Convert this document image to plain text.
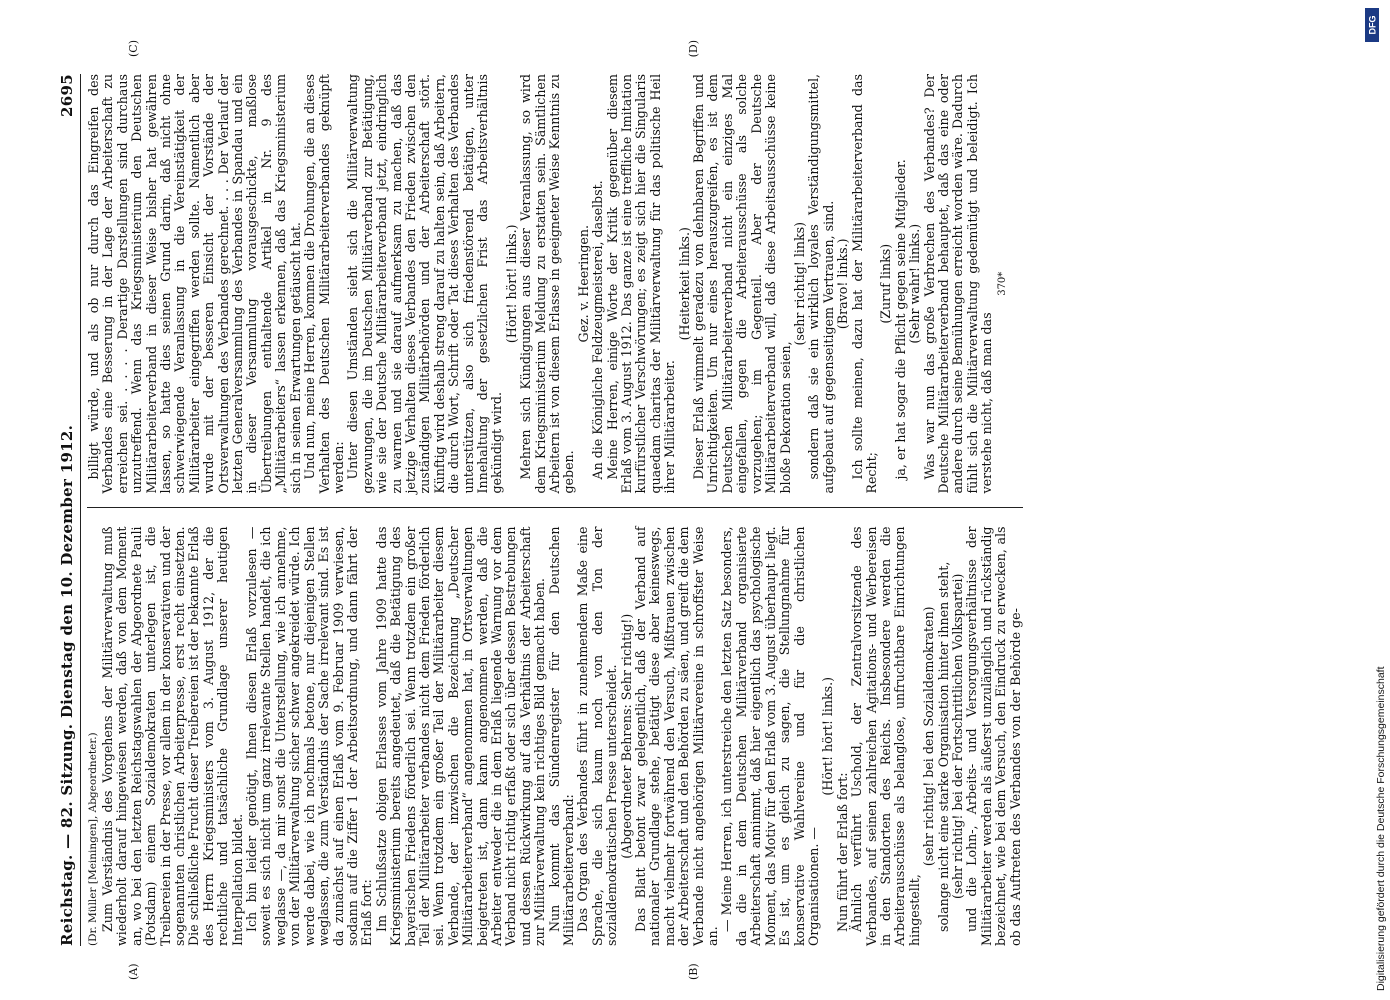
Reichstag. — 82. Sitzung. Dienstag den 10. Dezember 1912.
2695
(Dr. Müller [Meiningen], Abgeordneter.)
(A)	(B)

Zum Verständnis des Vorgehens der Militärverwaltung muß wiederholt darauf hingewiesen werden, daß von dem Moment an, wo bei den letzten Reichstagswahlen der Abgeordnete Pauli (Potsdam) einem Sozialdemokraten unterlegen ist, die Treibereien in der Presse, vor allem in der konservativen und der sogenannten christlichen Arbeiterpresse, erst recht einsetzten. Die schließliche Frucht dieser Treibereien ist der bekannte Erlaß des Herrn Kriegsministers vom 3. August 1912, der die rechtliche und tatsächliche Grundlage unserer heutigen Interpellation bildet. Ich bin leider genötigt, Ihnen diesen Erlaß vorzulesen — soweit es sich nicht um ganz irrelevante Stellen handelt, die ich weglasse —, da mir sonst die Unterstellung, wie ich annehme, von der Militärverwaltung sicher schwer angekreidet würde. Ich werde dabei, wie ich nochmals betone, nur diejenigen Stellen weglassen, die zum Verständnis der Sache irrelevant sind. Es ist da zunächst auf einen Erlaß vom 9. Februar 1909 verwiesen, sodann auf die Ziffer 1 der Arbeitsordnung, und dann fährt der Erlaß fort: Im Schlußsatze obigen Erlasses vom Jahre 1909 hatte das Kriegsministerium bereits angedeutet, daß die Betätigung des bayerischen Friedens förderlich sei. Wenn trotzdem ein großer Teil der Militärarbeiter verbandes nicht dem Frieden förderlich sei. Wenn trotzdem ein großer Teil der Militärarbeiter diesem Verbande, der inzwischen die Bezeichnung „Deutscher Militärarbeiterverband“ angenommen hat, in Ortsverwaltungen beigetreten ist, dann kann angenommen werden, daß die Arbeiter entweder die in dem Erlaß liegende Warnung vor dem Verband nicht richtig erfaßt oder sich über dessen Bestrebungen und dessen Rückwirkung auf das Verhältnis der Arbeiterschaft zur Militärverwaltung kein richtiges Bild gemacht haben. Nun kommt das Sündenregister für den Deutschen Militärarbeiterverband: Das Organ des Verbandes führt in zunehmendem Maße eine Sprache, die sich kaum noch von den Ton der sozialdemokratischen Presse unterscheidet. (Abgeordneter Behrens: Sehr richtig!) Das Blatt betont zwar gelegentlich, daß der Verband auf nationaler Grundlage stehe, betätigt diese aber keineswegs, macht vielmehr fortwährend den Versuch, Mißtrauen zwischen der Arbeiterschaft und den Behörden zu säen, und greift die dem Verbande nicht angehörigen Militärvereine in schroffster Weise an.

— Meine Herren, ich unterstreiche den letzten Satz besonders, da die in dem Deutschen Militärverband organisierte Arbeiterschaft annimmt, daß hier eigentlich das psychologische Moment, das Motiv für den Erlaß vom 3. August überhaupt liegt. Es ist, um es gleich zu sagen, die Stellungnahme für konservative Wahlvereine und für die christlichen Organisationen. —

(Hört! hört! links.)

Nun führt der Erlaß fort: Ähnlich verführt Uschold, der Zentralvorsitzende des Verbandes, auf seinen zahlreichen Agitations- und Werbereisen in den Standorten des Reichs. Insbesondere werden die Arbeiterausschüsse als belanglose, unfruchtbare Einrichtungen hingestellt,

(sehr richtig! bei den Sozialdemokraten) solange nicht eine starke Organisation hinter ihnen steht, (sehr richtig! bei der Fortschrittlichen Volkspartei) und die Lohn-, Arbeits- und Versorgungsverhältnisse der Militärarbeiter werden als äußerst unzulänglich und rückständig bezeichnet, wie bei dem Versuch, den Eindruck zu erwecken, als ob das Auftreten des Verbandes von der Behörde ge-

(C)	(D)

billigt würde, und als ob nur durch das Eingreifen des Verbandes eine Besserung in der Lage der Arbeiterschaft zu erreichen sei. . . . . Derartige Darstellungen sind durchaus unzutreffend. Wenn das Kriegsministerium den Deutschen Militärarbeiterverband in dieser Weise bisher hat gewähren lassen, so hatte dies seinen Grund darin, daß nicht ohne schwerwiegende Veranlassung in die Vereinstätigkeit der Militärarbeiter eingegriffen werden sollte. Namentlich aber wurde mit der besseren Einsicht der Vorstände der Ortsverwaltungen des Verbandes gerechnet. . . . Der Verlauf der letzten Generalversammlung des Verbandes in Spandau und ein in dieser Versammlung vorausgeschickte, maßlose Übertreibungen enthaltende Artikel in Nr. 9 des „Militärarbeiters“ lassen erkennen, daß das Kriegsministerium sich in seinen Erwartungen getäuscht hat. Und nun, meine Herren, kommen die Drohungen, die an dieses Verhalten des Deutschen Militärarbeiterverbandes geknüpft werden: Unter diesen Umständen sieht sich die Militärverwaltung gezwungen, die im Deutschen Militärverband zur Betätigung, wie sie der Deutsche Militärarbeiterverband jetzt, eindringlich zu warnen und sie darauf aufmerksam zu machen, daß das jetzige Verhalten dieses Verbandes den Frieden zwischen den zuständigen Militärbehörden und der Arbeiterschaft stört. Künftig wird deshalb streng darauf zu halten sein, daß Arbeitern, die durch Wort, Schrift oder Tat dieses Verhalten des Verbandes unterstützen, also sich friedenstörend betätigen, unter Innehaltung der gesetzlichen Frist das Arbeitsverhältnis gekündigt wird.

(Hört! hört! links.) Mehren sich Kündigungen aus dieser Veranlassung, so wird dem Kriegsministerium Meldung zu erstatten sein. Sämtlichen Arbeitern ist von diesem Erlasse in geeigneter Weise Kenntnis zu geben.

Gez. v. Heeringen. An die Königliche Feldzeugmeisterei, daselbst. Meine Herren, einige Worte der Kritik gegenüber diesem Erlaß vom 3. August 1912. Das ganze ist eine treffliche Imitation kurfürstlicher Verschwörungen; es zeigt sich hier die Singularis quaedam charitas der Militärverwaltung für das politische Heil ihrer Militärarbeiter.

(Heiterkeit links.) Dieser Erlaß wimmelt geradezu von dehnbaren Begriffen und Unrichtigkeiten. Um nur eines herauszugreifen, es ist dem Deutschen Militärarbeiterverband nicht ein einziges Mal eingefallen, gegen die Arbeiterausschüsse als solche vorzugehen; im Gegenteil. Aber der Deutsche Militärarbeiterverband will, daß diese Arbeitsausschüsse keine bloße Dekoration seien,

(sehr richtig! links) sondern daß sie ein wirklich loyales Verständigungsmittel, aufgebaut auf gegenseitigem Vertrauen, sind. (Bravo! links.) Ich sollte meinen, dazu hat der Militärarbeiterverband das Recht;

(Zuruf links) ja, er hat sogar die Pflicht gegen seine Mitglieder. (Sehr wahr! links.) Was war nun das große Verbrechen des Verbandes? Der Deutsche Militärarbeiterverband behauptet, daß das eine oder andere durch seine Bemühungen erreicht worden wäre. Dadurch fühlt sich die Militärverwaltung gedemütigt und beleidigt. Ich verstehe nicht, daß man das

370*
Digitalisierung gefördert durch die Deutsche Forschungsgemeinschaft
DFG
